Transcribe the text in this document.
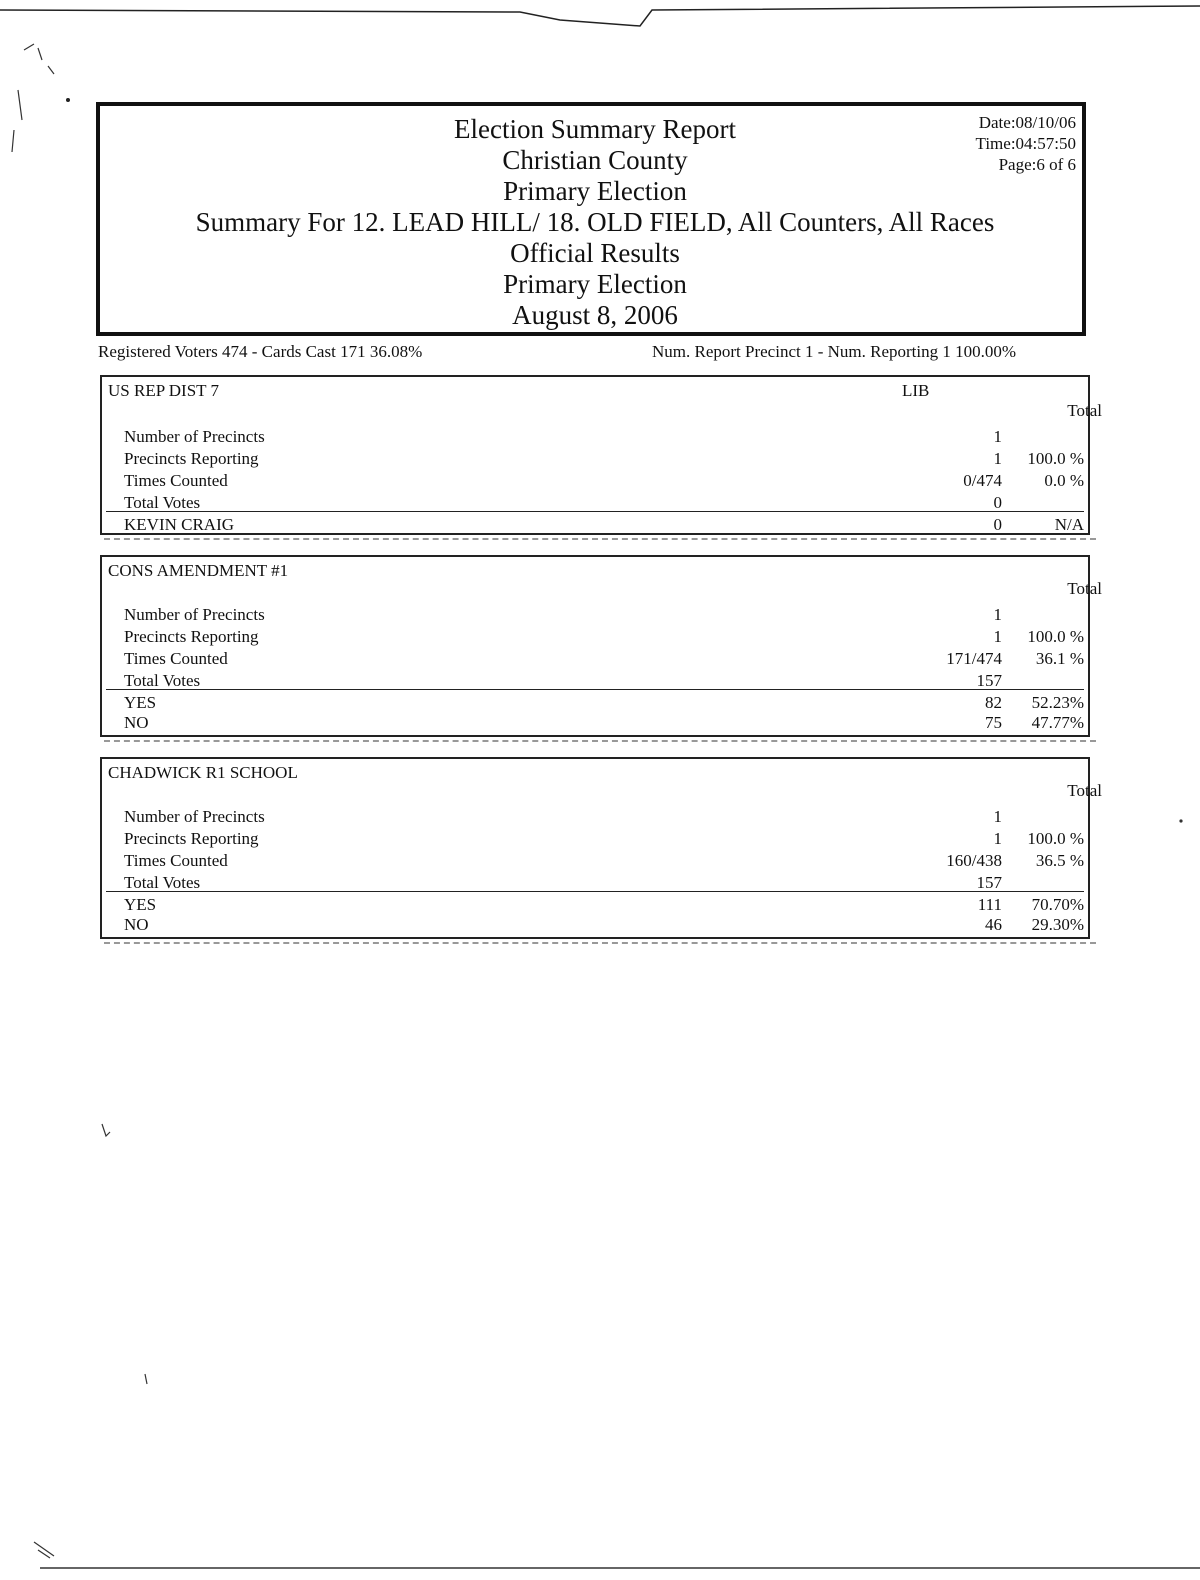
Election Summary Report
Christian County
Primary Election
Summary For 12. LEAD HILL/ 18. OLD FIELD, All Counters, All Races
Official Results
Primary Election
August 8, 2006
Date:08/10/06
Time:04:57:50
Page:6 of 6
Registered Voters 474 - Cards Cast 171 36.08%	Num. Report Precinct 1 - Num. Reporting 1 100.00%
US REP DIST 7	LIB
Total
Number of Precincts	1
Precincts Reporting	1	100.0 %
Times Counted	0/474	0.0 %
Total Votes	0
KEVIN CRAIG	0	N/A
CONS AMENDMENT #1
Total
Number of Precincts	1
Precincts Reporting	1	100.0 %
Times Counted	171/474	36.1 %
Total Votes	157
YES	82	52.23%
NO	75	47.77%
CHADWICK R1 SCHOOL
Total
Number of Precincts	1
Precincts Reporting	1	100.0 %
Times Counted	160/438	36.5 %
Total Votes	157
YES	111	70.70%
NO	46	29.30%
